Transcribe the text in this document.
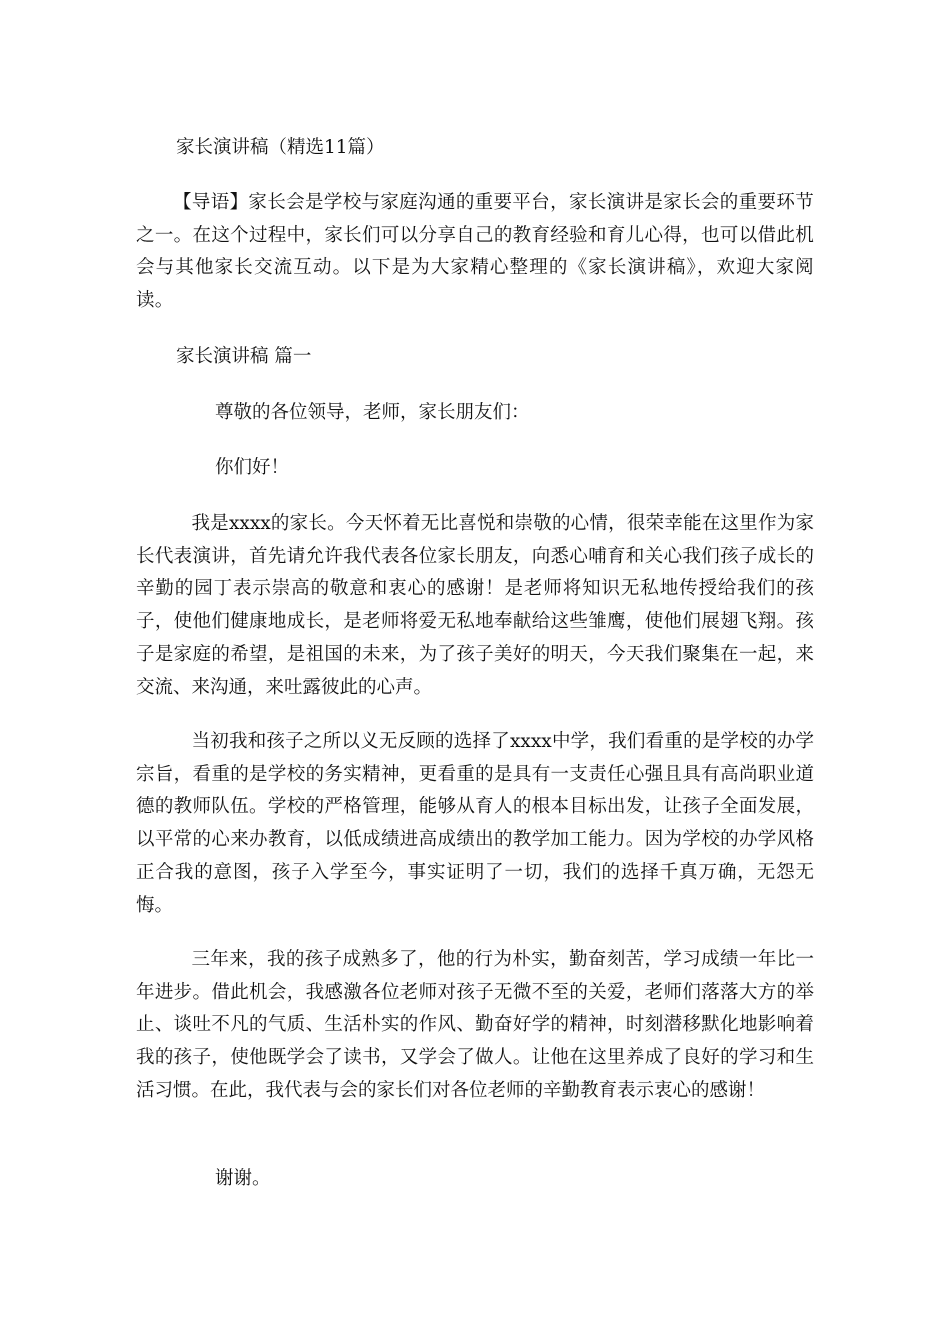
家长演讲稿（精选11篇）

【导语】家长会是学校与家庭沟通的重要平台，家长演讲是家长会的重要环节之一。在这个过程中，家长们可以分享自己的教育经验和育儿心得，也可以借此机会与其他家长交流互动。以下是为大家精心整理的《家长演讲稿》，欢迎大家阅读。

家长演讲稿 篇一

尊敬的各位领导，老师，家长朋友们：

你们好！

我是xxxx的家长。今天怀着无比喜悦和崇敬的心情，很荣幸能在这里作为家长代表演讲，首先请允许我代表各位家长朋友，向悉心哺育和关心我们孩子成长的辛勤的园丁表示崇高的敬意和衷心的感谢！是老师将知识无私地传授给我们的孩子，使他们健康地成长，是老师将爱无私地奉献给这些雏鹰，使他们展翅飞翔。孩子是家庭的希望，是祖国的未来，为了孩子美好的明天，今天我们聚集在一起，来交流、来沟通，来吐露彼此的心声。

当初我和孩子之所以义无反顾的选择了xxxx中学，我们看重的是学校的办学宗旨，看重的是学校的务实精神，更看重的是具有一支责任心强且具有高尚职业道德的教师队伍。学校的严格管理，能够从育人的根本目标出发，让孩子全面发展，以平常的心来办教育，以低成绩进高成绩出的教学加工能力。因为学校的办学风格正合我的意图，孩子入学至今，事实证明了一切，我们的选择千真万确，无怨无悔。

三年来，我的孩子成熟多了，他的行为朴实，勤奋刻苦，学习成绩一年比一年进步。借此机会，我感激各位老师对孩子无微不至的关爱，老师们落落大方的举止、谈吐不凡的气质、生活朴实的作风、勤奋好学的精神，时刻潜移默化地影响着我的孩子，使他既学会了读书，又学会了做人。让他在这里养成了良好的学习和生活习惯。在此，我代表与会的家长们对各位老师的辛勤教育表示衷心的感谢！

谢谢。
